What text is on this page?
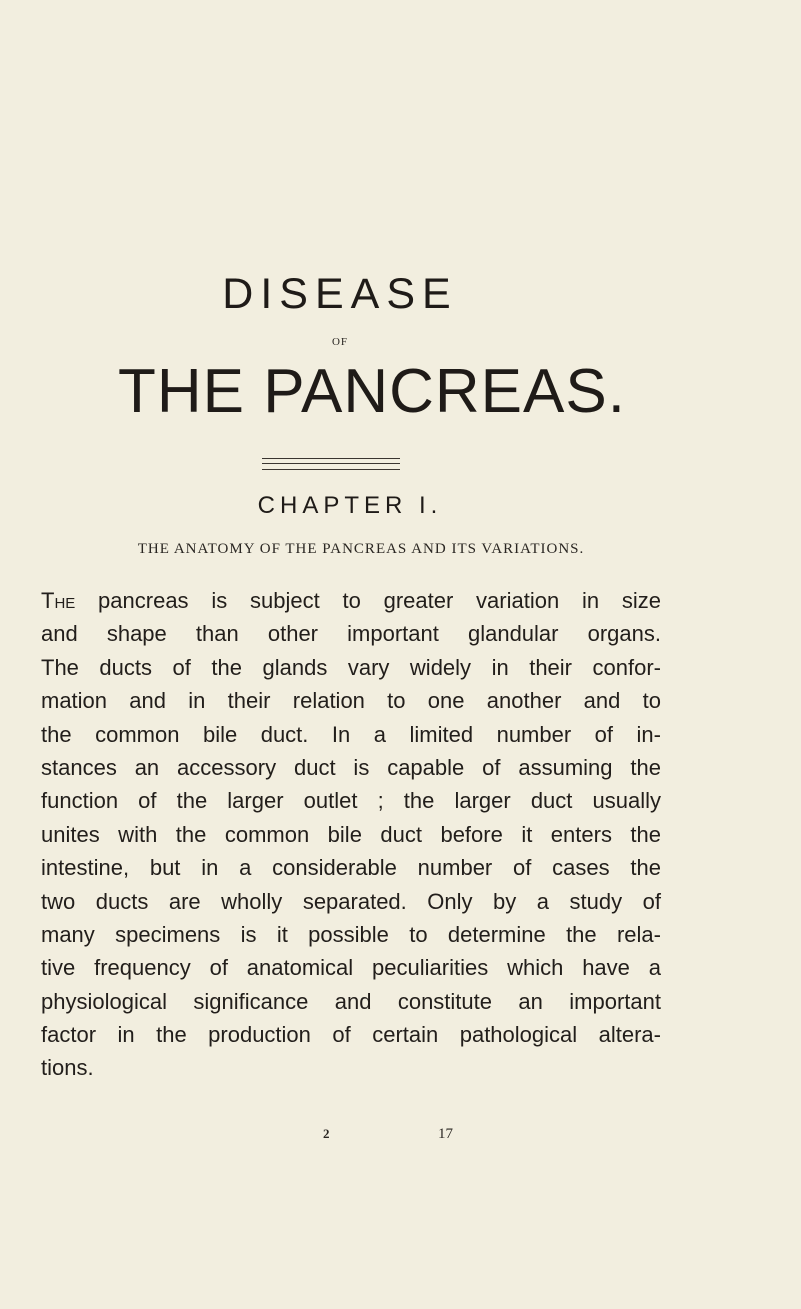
DISEASE
OF
THE PANCREAS.
CHAPTER I.
THE ANATOMY OF THE PANCREAS AND ITS VARIATIONS.
The pancreas is subject to greater variation in size
and shape than other important glandular organs.
The ducts of the glands vary widely in their confor-
mation and in their relation to one another and to
the common bile duct. In a limited number of in-
stances an accessory duct is capable of assuming the
function of the larger outlet ; the larger duct usually
unites with the common bile duct before it enters the
intestine, but in a considerable number of cases the
two ducts are wholly separated. Only by a study of
many specimens is it possible to determine the rela-
tive frequency of anatomical peculiarities which have a
physiological significance and constitute an important
factor in the production of certain pathological altera-
tions.
2	17
